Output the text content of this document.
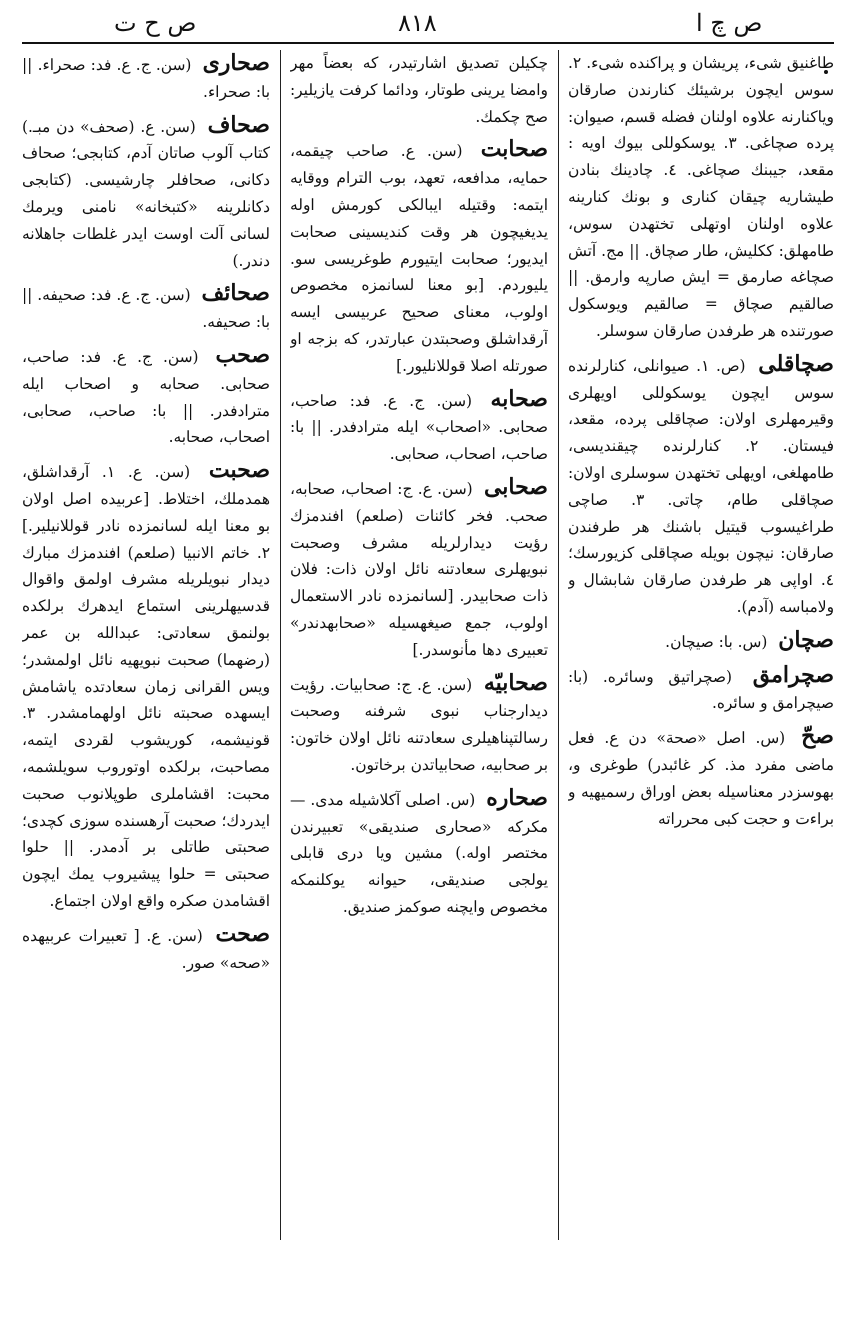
ص ح ت	۸۱۸	ص چ ا

طاغنیق شیء، پریشان و پراکنده شیء. ۲. سوس ایچون برشیئك کنارندن صارقان ویاکنارنه علاوه اولنان فضله قسم، صیوان: پرده صچاغی. ۳. یوسکوللی بیوك اویه : مقعد، جیبنك صچاغی. ٤. چادینك بنادن طیشاریه چیقان کناری و بونك کنارینه علاوه اولنان اوتهلی تختهدن سوس، طامهلق: ککلیش، طار صچاق. || مج. آتش صچاغه صارمق = ایش صارپه وارمق. || صالقیم صچاق = صالقیم ویوسکول صورتنده هر طرفدن صارقان سوسلر.

صچاقلی (ص. ۱. صیوانلی، کنارلرنده سوس ایچون یوسکوللی اویهلری وقیرمهلری اولان: صچاقلی پرده، مقعد، فیستان. ۲. کنارلرنده چیقندیسی، طامهلغی، اویهلی تختهدن سوسلری اولان: صچاقلی طام، چاتی. ۳. صاچی طراغیسوب قیتیل باشنك هر طرفندن صارقان: نیچون بویله صچاقلی کزیورسك؛ ٤. اواپی هر طرفدن صارقان شابشال و ولامباسه (آدم).

صچان (س. با: صیچان.

صچرامق (صچراتیق وسائره. (با: صیچرامق و سائره.

صحّ (س. اصل «صحة» دن ع. فعل ماضی مفرد مذ. کر غائبدر) طوغری و، بهوسزدر معناسیله بعض اوراق رسمیهیه و براءت و حجت کبی محرراته

چکیلن تصدیق اشارتیدر، که بعضاً مهر وامضا یرینی طوتار، ودائما کرفت یازیلیر: صح چکمك.

صحابت (سن. ع. صاحب چیقمه، حمایه، مدافعه، تعهد، بوب الترام ووقایه ایتمه: وقتیله ایبالکی کورمش اوله یدیغیچون هر وقت کندیسینی صحابت ایدیور؛ صحابت ایتیورم طوغریسی سو. یلیوردم. [بو معنا لسانمزه مخصوص اولوب، معنای صحیح عربیسی ایسه آرقداشلق وصحبتدن عبارتدر، که بزجه او صورتله اصلا قوللانلیور.]

صحابه (سن. ج. ع. فد: صاحب، صحابی. «اصحاب» ایله مترادفدر. || با: صاحب، اصحاب، صحابی.

صحابی (سن. ع. ج: اصحاب، صحابه، صحب. فخر کائنات (صلعم) افندمزك رؤیت دیدارلریله مشرف وصحبت نبویهلری سعادتنه نائل اولان ذات: فلان ذات صحابیدر. [لسانمزده نادر الاستعمال اولوب، جمع صیغهسیله «صحابهدندر» تعبیری دها مأنوسدر.]

صحابیّه (سن. ع. ج: صحابیات. رؤیت دیدارجناب نبوی شرفنه وصحبت رسالتپناهیلری سعادتنه نائل اولان خاتون: بر صحابیه، صحابیاتدن برخاتون.

صحاره (س. اصلی آکلاشیله مدی. — مکرکه «صحاری صندیقی» تعبیرندن مختصر اوله.) مشین ویا دری قابلی یولجی صندیقی، حیوانه یوکلنمکه مخصوص وایچنه صوکمز صندیق.

صحاری (سن. ج. ع. فد: صحراء. || با: صحراء.

صحاف (سن. ع. (صحف» دن مبـ.) کتاب آلوب صاتان آدم، کتابجی؛ صحاف دکانی، صحافلر چارشیسی. (کتابجی دکانلرینه «کتبخانه» نامنی ویرمك لسانی آلت اوست ایدر غلطات جاهلانه دندر.)

صحائف (سن. ج. ع. فد: صحیفه. || با: صحیفه.

صحب (سن. ج. ع. فد: صاحب، صحابی. صحابه و اصحاب ایله مترادفدر. || با: صاحب، صحابی، اصحاب، صحابه.

صحبت (سن. ع. ۱. آرقداشلق، همدملك، اختلاط. [عربیده اصل اولان بو معنا ایله لسانمزده نادر قوللانیلیر.] ۲. خاتم الانبیا (صلعم) افندمزك مبارك دیدار نبویلریله مشرف اولمق واقوال قدسیهلرینی استماع ایدهرك برلکده بولنمق سعادتی: عبدالله بن عمر (رضهما) صحبت نبویهیه نائل اولمشدر؛ ویس القرانی زمان سعادتده یاشامش ایسهده صحبته نائل اولهمامشدر. ۳. قونیشمه، کوریشوب لقردی ایتمه، مصاحبت، برلکده اوتوروب سویلشمه، محبت: اقشاملری طوپلانوب صحبت ایدردك؛ صحبت آرهسنده سوزی کچدی؛ صحبتی طاتلی بر آدمدر. || حلوا صحبتی = حلوا پیشیروب یمك ایچون اقشامدن صکره واقع اولان اجتماع.

صحت (سن. ع. [ تعبیرات عربیهده «صحه» صور.
